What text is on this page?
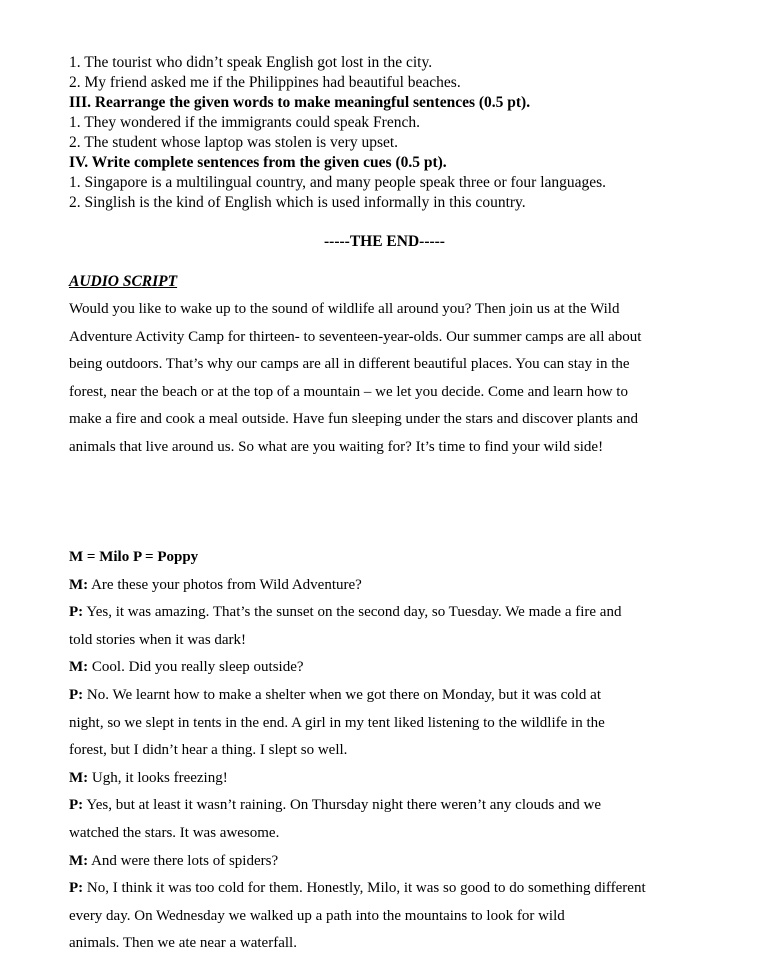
1. The tourist who didn’t speak English got lost in the city.
2. My friend asked me if the Philippines had beautiful beaches.
III. Rearrange the given words to make meaningful sentences (0.5 pt).
1. They wondered if the immigrants could speak French.
2. The student whose laptop was stolen is very upset.
IV. Write complete sentences from the given cues (0.5 pt).
1. Singapore is a multilingual country, and many people speak three or four languages.
2. Singlish is the kind of English which is used informally in this country.
-----THE END-----
AUDIO SCRIPT
Would you like to wake up to the sound of wildlife all around you? Then join us at the Wild
Adventure Activity Camp for thirteen- to seventeen-year-olds. Our summer camps are all about
being outdoors. That’s why our camps are all in different beautiful places. You can stay in the
forest, near the beach or at the top of a mountain – we let you decide. Come and learn how to
make a fire and cook a meal outside. Have fun sleeping under the stars and discover plants and
animals that live around us. So what are you waiting for? It’s time to find your wild side!
M = Milo P = Poppy
M: Are these your photos from Wild Adventure?
P: Yes, it was amazing. That’s the sunset on the second day, so Tuesday. We made a fire and
told stories when it was dark!
M: Cool. Did you really sleep outside?
P: No. We learnt how to make a shelter when we got there on Monday, but it was cold at
night, so we slept in tents in the end. A girl in my tent liked listening to the wildlife in the
forest, but I didn’t hear a thing. I slept so well.
M: Ugh, it looks freezing!
P: Yes, but at least it wasn’t raining. On Thursday night there weren’t any clouds and we
watched the stars. It was awesome.
M: And were there lots of spiders?
P: No, I think it was too cold for them. Honestly, Milo, it was so good to do something different
every day. On Wednesday we walked up a path into the mountains to look for wild
animals. Then we ate near a waterfall.
